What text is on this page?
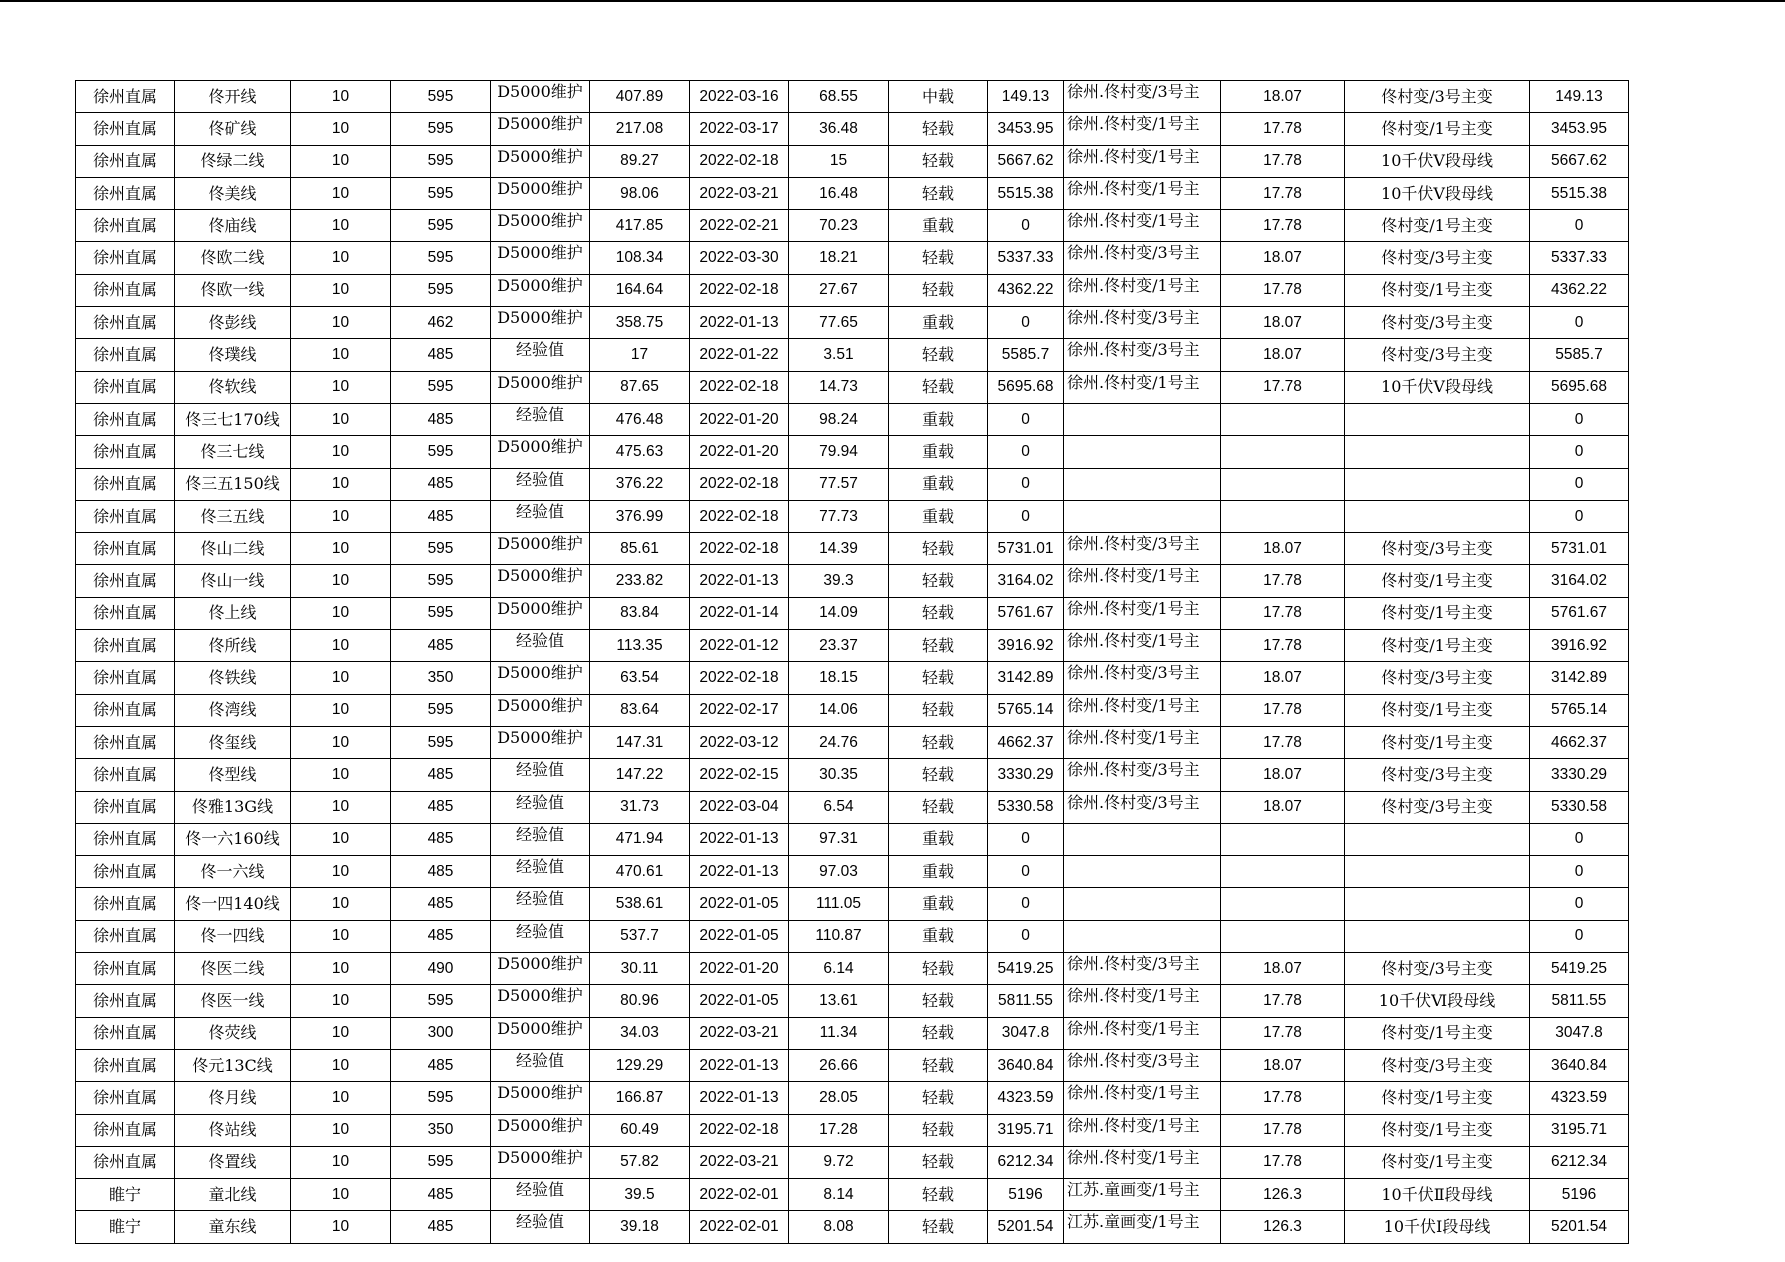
徐州直属	佟开线	10	595	D5000维护	407.89	2022-03-16	68.55	中载	149.13	徐州.佟村变/3号主	18.07	佟村变/3号主变	149.13
徐州直属	佟矿线	10	595	D5000维护	217.08	2022-03-17	36.48	轻载	3453.95	徐州.佟村变/1号主	17.78	佟村变/1号主变	3453.95
徐州直属	佟绿二线	10	595	D5000维护	89.27	2022-02-18	15	轻载	5667.62	徐州.佟村变/1号主	17.78	10千伏Ⅴ段母线	5667.62
徐州直属	佟美线	10	595	D5000维护	98.06	2022-03-21	16.48	轻载	5515.38	徐州.佟村变/1号主	17.78	10千伏Ⅴ段母线	5515.38
徐州直属	佟庙线	10	595	D5000维护	417.85	2022-02-21	70.23	重载	0	徐州.佟村变/1号主	17.78	佟村变/1号主变	0
徐州直属	佟欧二线	10	595	D5000维护	108.34	2022-03-30	18.21	轻载	5337.33	徐州.佟村变/3号主	18.07	佟村变/3号主变	5337.33
徐州直属	佟欧一线	10	595	D5000维护	164.64	2022-02-18	27.67	轻载	4362.22	徐州.佟村变/1号主	17.78	佟村变/1号主变	4362.22
徐州直属	佟彭线	10	462	D5000维护	358.75	2022-01-13	77.65	重载	0	徐州.佟村变/3号主	18.07	佟村变/3号主变	0
徐州直属	佟璞线	10	485	经验值	17	2022-01-22	3.51	轻载	5585.7	徐州.佟村变/3号主	18.07	佟村变/3号主变	5585.7
徐州直属	佟软线	10	595	D5000维护	87.65	2022-02-18	14.73	轻载	5695.68	徐州.佟村变/1号主	17.78	10千伏Ⅴ段母线	5695.68
徐州直属	佟三七170线	10	485	经验值	476.48	2022-01-20	98.24	重载	0				0
徐州直属	佟三七线	10	595	D5000维护	475.63	2022-01-20	79.94	重载	0				0
徐州直属	佟三五150线	10	485	经验值	376.22	2022-02-18	77.57	重载	0				0
徐州直属	佟三五线	10	485	经验值	376.99	2022-02-18	77.73	重载	0				0
徐州直属	佟山二线	10	595	D5000维护	85.61	2022-02-18	14.39	轻载	5731.01	徐州.佟村变/3号主	18.07	佟村变/3号主变	5731.01
徐州直属	佟山一线	10	595	D5000维护	233.82	2022-01-13	39.3	轻载	3164.02	徐州.佟村变/1号主	17.78	佟村变/1号主变	3164.02
徐州直属	佟上线	10	595	D5000维护	83.84	2022-01-14	14.09	轻载	5761.67	徐州.佟村变/1号主	17.78	佟村变/1号主变	5761.67
徐州直属	佟所线	10	485	经验值	113.35	2022-01-12	23.37	轻载	3916.92	徐州.佟村变/1号主	17.78	佟村变/1号主变	3916.92
徐州直属	佟铁线	10	350	D5000维护	63.54	2022-02-18	18.15	轻载	3142.89	徐州.佟村变/3号主	18.07	佟村变/3号主变	3142.89
徐州直属	佟湾线	10	595	D5000维护	83.64	2022-02-17	14.06	轻载	5765.14	徐州.佟村变/1号主	17.78	佟村变/1号主变	5765.14
徐州直属	佟玺线	10	595	D5000维护	147.31	2022-03-12	24.76	轻载	4662.37	徐州.佟村变/1号主	17.78	佟村变/1号主变	4662.37
徐州直属	佟型线	10	485	经验值	147.22	2022-02-15	30.35	轻载	3330.29	徐州.佟村变/3号主	18.07	佟村变/3号主变	3330.29
徐州直属	佟雅13G线	10	485	经验值	31.73	2022-03-04	6.54	轻载	5330.58	徐州.佟村变/3号主	18.07	佟村变/3号主变	5330.58
徐州直属	佟一六160线	10	485	经验值	471.94	2022-01-13	97.31	重载	0				0
徐州直属	佟一六线	10	485	经验值	470.61	2022-01-13	97.03	重载	0				0
徐州直属	佟一四140线	10	485	经验值	538.61	2022-01-05	111.05	重载	0				0
徐州直属	佟一四线	10	485	经验值	537.7	2022-01-05	110.87	重载	0				0
徐州直属	佟医二线	10	490	D5000维护	30.11	2022-01-20	6.14	轻载	5419.25	徐州.佟村变/3号主	18.07	佟村变/3号主变	5419.25
徐州直属	佟医一线	10	595	D5000维护	80.96	2022-01-05	13.61	轻载	5811.55	徐州.佟村变/1号主	17.78	10千伏Ⅵ段母线	5811.55
徐州直属	佟荧线	10	300	D5000维护	34.03	2022-03-21	11.34	轻载	3047.8	徐州.佟村变/1号主	17.78	佟村变/1号主变	3047.8
徐州直属	佟元13C线	10	485	经验值	129.29	2022-01-13	26.66	轻载	3640.84	徐州.佟村变/3号主	18.07	佟村变/3号主变	3640.84
徐州直属	佟月线	10	595	D5000维护	166.87	2022-01-13	28.05	轻载	4323.59	徐州.佟村变/1号主	17.78	佟村变/1号主变	4323.59
徐州直属	佟站线	10	350	D5000维护	60.49	2022-02-18	17.28	轻载	3195.71	徐州.佟村变/1号主	17.78	佟村变/1号主变	3195.71
徐州直属	佟置线	10	595	D5000维护	57.82	2022-03-21	9.72	轻载	6212.34	徐州.佟村变/1号主	17.78	佟村变/1号主变	6212.34
睢宁	童北线	10	485	经验值	39.5	2022-02-01	8.14	轻载	5196	江苏.童画变/1号主	126.3	10千伏Ⅱ段母线	5196
睢宁	童东线	10	485	经验值	39.18	2022-02-01	8.08	轻载	5201.54	江苏.童画变/1号主	126.3	10千伏Ⅰ段母线	5201.54
